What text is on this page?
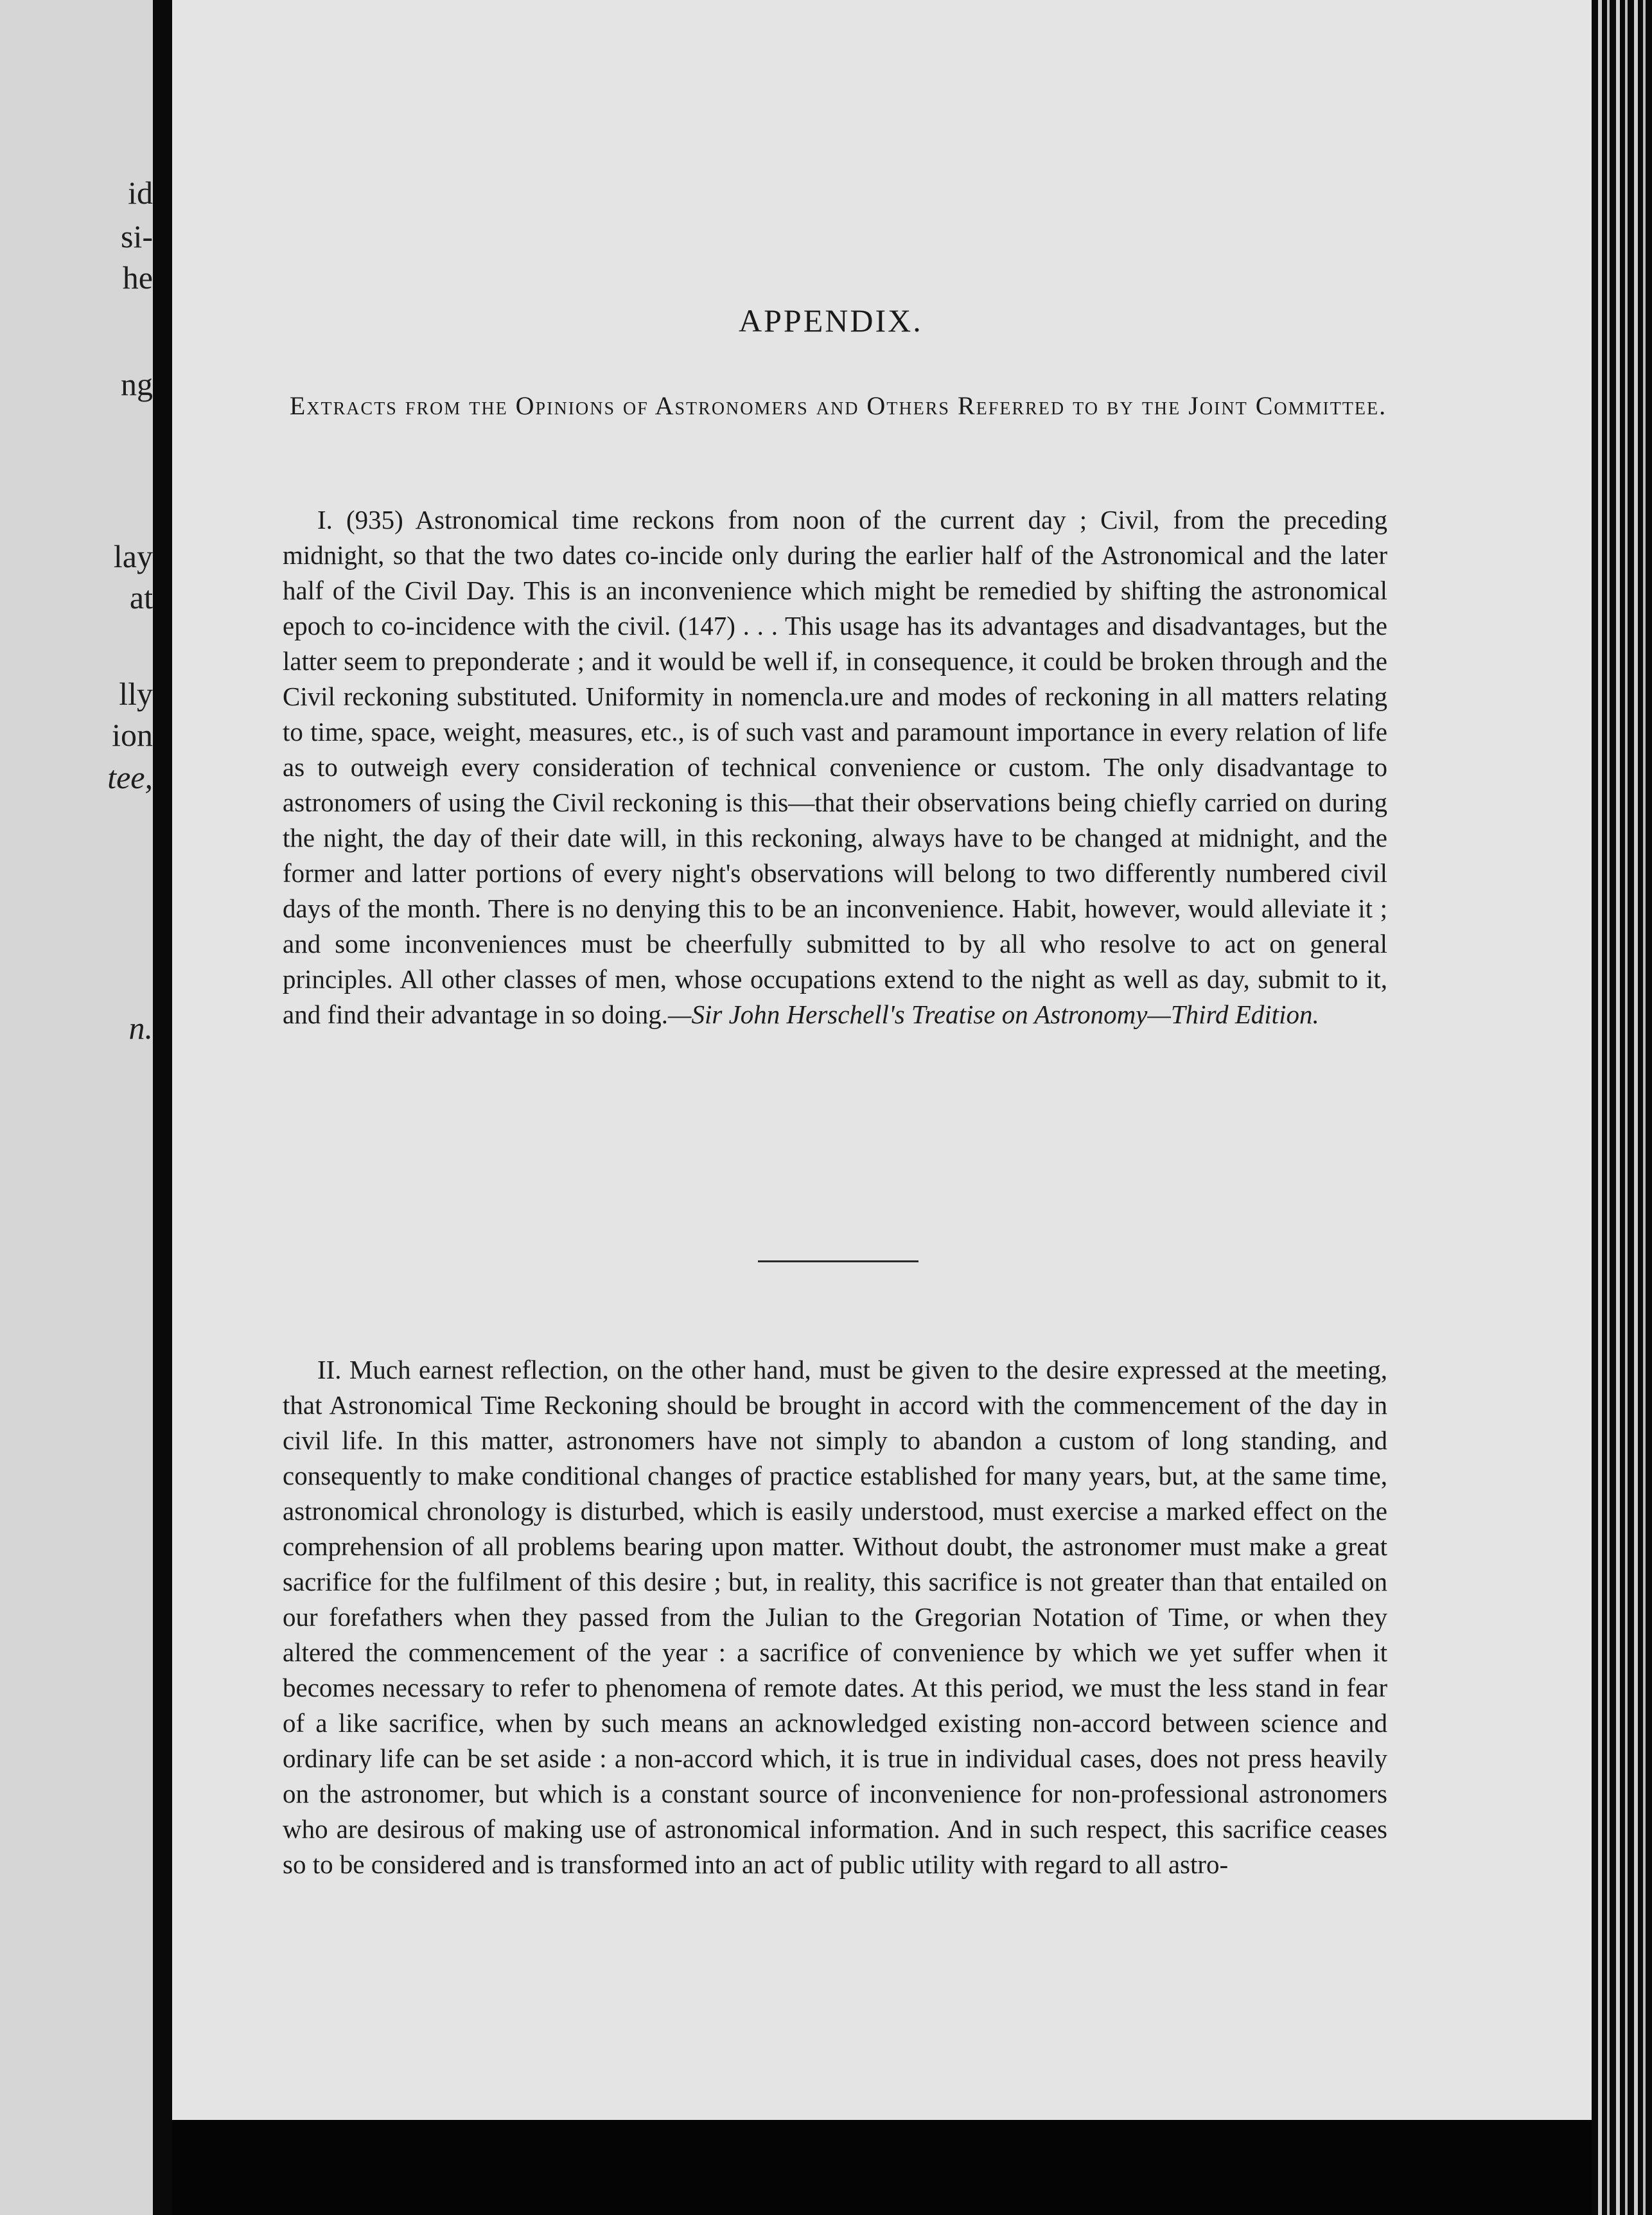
id
si-
he
ng
lay
at
lly
ion
tee,
n.
APPENDIX.
Extracts from the Opinions of Astronomers and Others Referred to by the Joint Committee.
I. (935) Astronomical time reckons from noon of the current day ; Civil, from the preceding midnight, so that the two dates co-incide only during the earlier half of the Astronomical and the later half of the Civil Day. This is an inconvenience which might be remedied by shifting the astronomical epoch to co-incidence with the civil. (147) . . . This usage has its advantages and disadvantages, but the latter seem to preponderate ; and it would be well if, in consequence, it could be broken through and the Civil reckoning substituted. Uniformity in nomencla.ure and modes of reckoning in all matters relating to time, space, weight, measures, etc., is of such vast and paramount importance in every relation of life as to outweigh every consideration of technical convenience or custom. The only disadvantage to astronomers of using the Civil reckoning is this—that their observations being chiefly carried on during the night, the day of their date will, in this reckoning, always have to be changed at midnight, and the former and latter portions of every night's observations will belong to two differently numbered civil days of the month. There is no denying this to be an inconvenience. Habit, however, would alleviate it ; and some inconveniences must be cheerfully submitted to by all who resolve to act on general principles. All other classes of men, whose occupations extend to the night as well as day, submit to it, and find their advantage in so doing.—Sir John Herschell's Treatise on Astronomy—Third Edition.
II. Much earnest reflection, on the other hand, must be given to the desire expressed at the meeting, that Astronomical Time Reckoning should be brought in accord with the commencement of the day in civil life. In this matter, astronomers have not simply to abandon a custom of long standing, and consequently to make conditional changes of practice established for many years, but, at the same time, astronomical chronology is disturbed, which is easily understood, must exercise a marked effect on the comprehension of all problems bearing upon matter. Without doubt, the astronomer must make a great sacrifice for the fulfilment of this desire ; but, in reality, this sacrifice is not greater than that entailed on our forefathers when they passed from the Julian to the Gregorian Notation of Time, or when they altered the commencement of the year : a sacrifice of convenience by which we yet suffer when it becomes necessary to refer to phenomena of remote dates. At this period, we must the less stand in fear of a like sacrifice, when by such means an acknowledged existing non-accord between science and ordinary life can be set aside : a non-accord which, it is true in individual cases, does not press heavily on the astronomer, but which is a constant source of inconvenience for non-professional astronomers who are desirous of making use of astronomical information. And in such respect, this sacrifice ceases so to be considered and is transformed into an act of public utility with regard to all astro-
